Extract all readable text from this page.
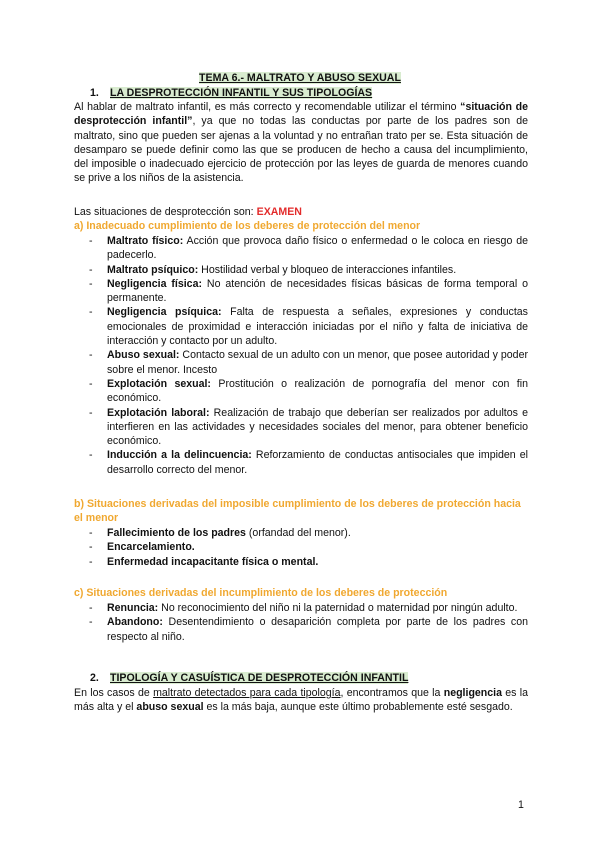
TEMA 6.- MALTRATO Y ABUSO SEXUAL
1. LA DESPROTECCIÓN INFANTIL Y SUS TIPOLOGÍAS

Al hablar de maltrato infantil, es más correcto y recomendable utilizar el término “situación de desprotección infantil”, ya que no todas las conductas por parte de los padres son de maltrato, sino que pueden ser ajenas a la voluntad y no entrañan trato per se. Esta situación de desamparo se puede definir como las que se producen de hecho a causa del incumplimiento, del imposible o inadecuado ejercicio de protección por las leyes de guarda de menores cuando se prive a los niños de la asistencia.

Las situaciones de desprotección son: EXAMEN
a) Inadecuado cumplimiento de los deberes de protección del menor
- Maltrato físico: Acción que provoca daño físico o enfermedad o le coloca en riesgo de padecerlo.
- Maltrato psíquico: Hostilidad verbal y bloqueo de interacciones infantiles.
- Negligencia física: No atención de necesidades físicas básicas de forma temporal o permanente.
- Negligencia psíquica: Falta de respuesta a señales, expresiones y conductas emocionales de proximidad e interacción iniciadas por el niño y falta de iniciativa de interacción y contacto por un adulto.
- Abuso sexual: Contacto sexual de un adulto con un menor, que posee autoridad y poder sobre el menor. Incesto
- Explotación sexual: Prostitución o realización de pornografía del menor con fin económico.
- Explotación laboral: Realización de trabajo que deberían ser realizados por adultos e interfieren en las actividades y necesidades sociales del menor, para obtener beneficio económico.
- Inducción a la delincuencia: Reforzamiento de conductas antisociales que impiden el desarrollo correcto del menor.
b) Situaciones derivadas del imposible cumplimiento de los deberes de protección hacia el menor
- Fallecimiento de los padres (orfandad del menor).
- Encarcelamiento.
- Enfermedad incapacitante física o mental.
c) Situaciones derivadas del incumplimiento de los deberes de protección
- Renuncia: No reconocimiento del niño ni la paternidad o maternidad por ningún adulto.
- Abandono: Desentendimiento o desaparición completa por parte de los padres con respecto al niño.
2. TIPOLOGÍA Y CASUÍSTICA DE DESPROTECCIÓN INFANTIL

En los casos de maltrato detectados para cada tipología, encontramos que la negligencia es la más alta y el abuso sexual es la más baja, aunque este último probablemente esté sesgado.

1
